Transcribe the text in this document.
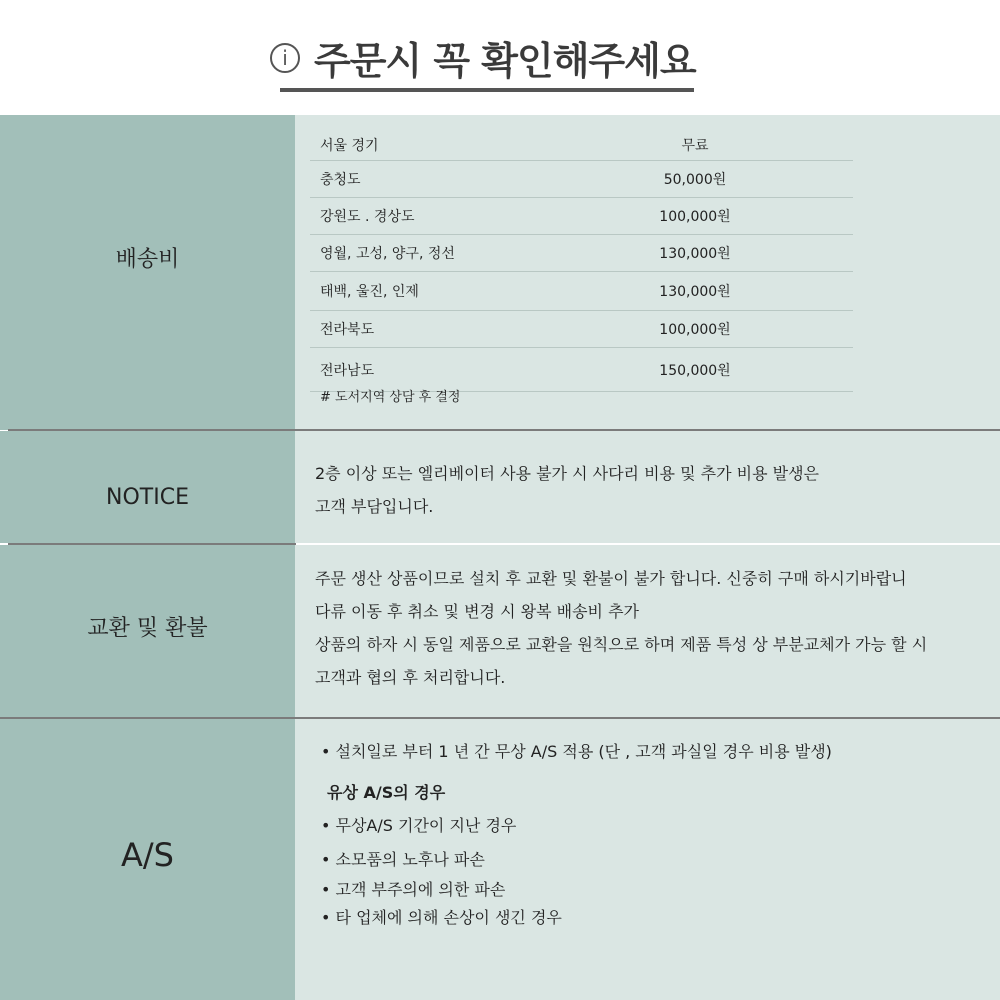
i 주문시 꼭 확인해주세요
배송비
서울 경기	무료
충청도	50,000원
강원도 . 경상도	100,000원
영월, 고성, 양구, 정선	130,000원
태백, 울진, 인제	130,000원
전라북도	100,000원
전라남도	150,000원
# 도서지역 상담 후 결정
NOTICE
2층 이상 또는 엘리베이터 사용 불가 시 사다리 비용 및 추가 비용 발생은
고객 부담입니다.
교환 및 환불
주문 생산 상품이므로 설치 후 교환 및 환불이 불가 합니다. 신중히 구매 하시기바랍니
다류 이동 후 취소 및 변경 시 왕복 배송비 추가
상품의 하자 시 동일 제품으로 교환을 원칙으로 하며 제품 특성 상 부분교체가 가능 할 시
고객과 협의 후 처리합니다.
A/S
• 설치일로 부터 1 년 간 무상 A/S 적용 (단 , 고객 과실일 경우 비용 발생)
유상 A/S의 경우
• 무상A/S 기간이 지난 경우
• 소모품의 노후나 파손
• 고객 부주의에 의한 파손
• 타 업체에 의해 손상이 생긴 경우
